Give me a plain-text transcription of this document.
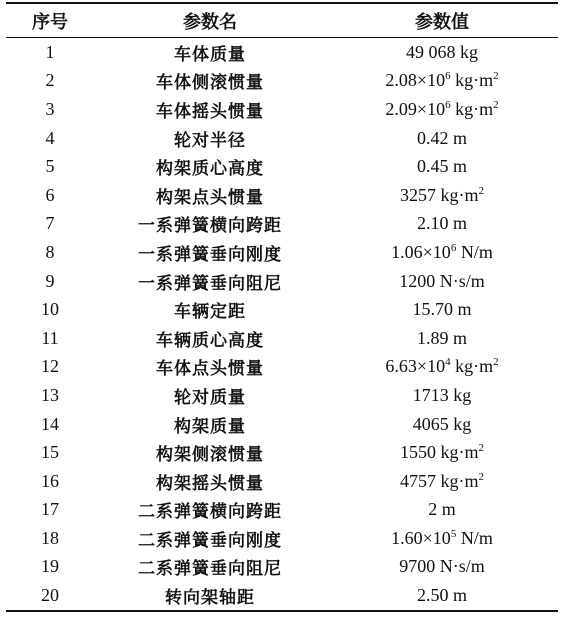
序号	参数名	参数值
1	车体质量	49 068 kg
2	车体侧滚惯量	$2.08\times 10^6$ $kg\cdot m^2$
3	车体摇头惯量	$2.09\times 10^6$ $kg\cdot m^2$
4	轮对半径	0.42 m
5	构架质心高度	0.45 m
6	构架点头惯量	3257 $kg\cdot m^2$
7	一系弹簧横向跨距	2.10 m
8	一系弹簧垂向刚度	$1.06\times 10^6$ N/m
9	一系弹簧垂向阻尼	1200 N·s/m
10	车辆定距	15.70 m
11	车辆质心高度	1.89 m
12	车体点头惯量	$6.63\times 10^4$ $kg\cdot m^2$
13	轮对质量	1713 kg
14	构架质量	4065 kg
15	构架侧滚惯量	1550 $kg\cdot m^2$
16	构架摇头惯量	4757 $kg\cdot m^2$
17	二系弹簧横向跨距	2 m
18	二系弹簧垂向刚度	$1.60\times 10^5$ N/m
19	二系弹簧垂向阻尼	9700 N·s/m
20	转向架轴距	2.50 m
